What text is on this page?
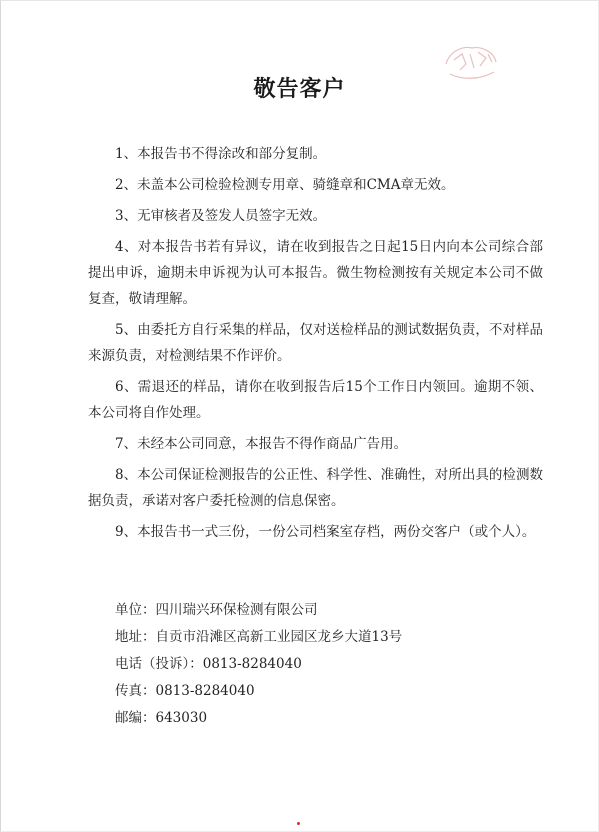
敬告客户
1、本报告书不得涂改和部分复制。
2、未盖本公司检验检测专用章、骑缝章和CMA章无效。
3、无审核者及签发人员签字无效。
4、对本报告书若有异议，请在收到报告之日起15日内向本公司综合部提出申诉，逾期未申诉视为认可本报告。微生物检测按有关规定本公司不做复查，敬请理解。
5、由委托方自行采集的样品，仅对送检样品的测试数据负责，不对样品来源负责，对检测结果不作评价。
6、需退还的样品，请你在收到报告后15个工作日内领回。逾期不领、本公司将自作处理。
7、未经本公司同意，本报告不得作商品广告用。
8、本公司保证检测报告的公正性、科学性、准确性，对所出具的检测数据负责，承诺对客户委托检测的信息保密。
9、本报告书一式三份，一份公司档案室存档，两份交客户（或个人）。
单位：四川瑞兴环保检测有限公司
地址：自贡市沿滩区高新工业园区龙乡大道13号
电话（投诉）：0813-8284040
传真：0813-8284040
邮编：643030
